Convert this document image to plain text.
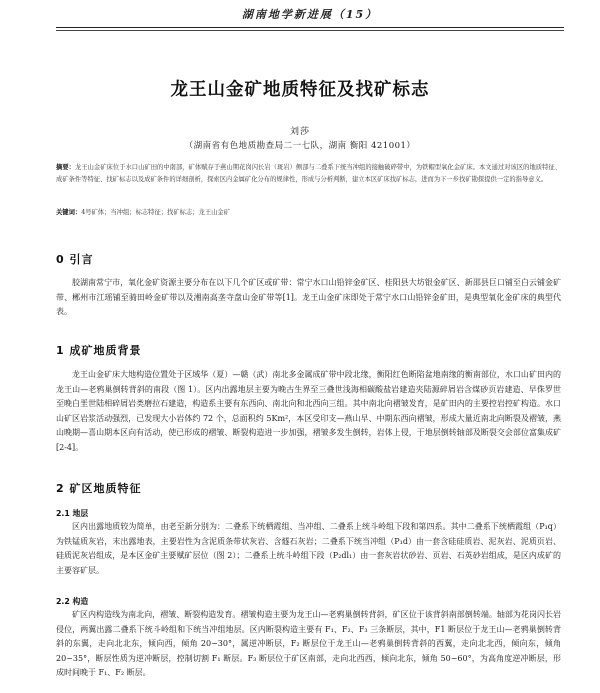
湖南地学新进展（15）
龙王山金矿地质特征及找矿标志
刘莎
（湖南省有色地质勘查局二一七队，湖南 衡阳 421001）
摘要：龙王山金矿床位于水口山矿田的中南部，矿体赋存于燕山期花岗闪长岩（斑岩）侧部与二叠系下统当冲组的接触破碎带中，为铁帽型氧化金矿床。本文通过对该区的地质特征、成矿条件等特征、找矿标志以及成矿条件的详细剖析，探索区内金属矿化分布的规律性，形成与分析判断，建立本区矿床找矿标志，进而为下一步找矿勘探提供一定的指导意义。
关键词：4号矿体；当冲组；标志特征；找矿标志；龙王山金矿
0 引言
胶湖南常宁市，氧化金矿资源主要分布在以下几个矿区或矿带：常宁水口山铅锌金矿区、桂阳县大坊银金矿区、新邵县巨口铺至白云铺金矿带、郴州市江瑶铺至骑田岭金矿带以及湘南高垄寺盘山金矿带等[1]。龙王山金矿床即处于常宁水口山铅锌金矿田，是典型氧化金矿床的典型代表。
1 成矿地质背景
龙王山金矿床大地构造位置处于区域华（夏）—赣（武）南北多金属成矿带中段北缘，衡阳红色断陷盆地南缘的衡南部位，水口山矿田内的龙王山—老鸦巢倒转背斜的南段（图 1）。区内出露地层主要为晚古生界至三叠世浅海相碳酸盐岩建造夹陆源碎屑岩含煤砂页岩建造、早侏罗世至晚白垩世陆相碎屑岩类磨拉石建造，构造系主要有东西向、南北向和北西向三组。其中南北向褶皱发育，是矿田内的主要控岩控矿构造。水口山矿区岩浆活动强烈，已发现大小岩体约 72 个，总面积约 5Km²，本区受印支—燕山早、中期东西向褶皱，形成大量近南北向断裂及褶皱，燕山晚期—喜山期本区向有活动，使已形成的褶皱、断裂构造进一步加强，褶皱多发生倒转，岩体上侵，于地层倒转轴部及断裂交会部位富集成矿[2-4]。
2 矿区地质特征
2.1 地层
区内出露地质较为简单，由老至新分别为：二叠系下统栖霞组、当冲组、二叠系上统斗岭组下段和第四系。其中二叠系下统栖霞组（P₁q）为铁锰质灰岩，末出露地表，主要岩性为含泥质条带状灰岩、含燧石灰岩；二叠系下统当冲组（P₁d）由一套含硅硅质岩、泥灰岩、泥质页岩、硅质泥灰岩组成，是本区金矿主要赋矿层位（图 2）；二叠系上统斗岭组下段（P₂dl₁）由一套灰岩状砂岩、页岩、石英砂岩组成，是区内成矿的主要容矿层。
2.2 构造
矿区内构造线为南北向，褶皱、断裂构造发育。褶皱构造主要为龙王山—老鸦巢倒转背斜，矿区位于该背斜南部倒转端。轴部为花岗闪长岩侵位，两翼出露二叠系下统斗岭组和下统当冲组地层。区内断裂构造主要有 F₁、F₂、F₃ 三条断层，其中，F1 断层位于龙王山—老鸦巢倒转背斜的东翼，走向北北东，倾向西，倾角 20~30°，属逆冲断层，F₂ 断层位于龙王山—老鸦巢倒转背斜的西翼，走向北北西，倾向东，倾角 20~35°，断层性质为逆冲断层，控制切割 F₁ 断层。F₃ 断层位于矿区南部，走向北西西，倾向北东，倾角 50~60°，为高角度逆冲断层，形成时间晚于 F₁、F₂ 断层。
